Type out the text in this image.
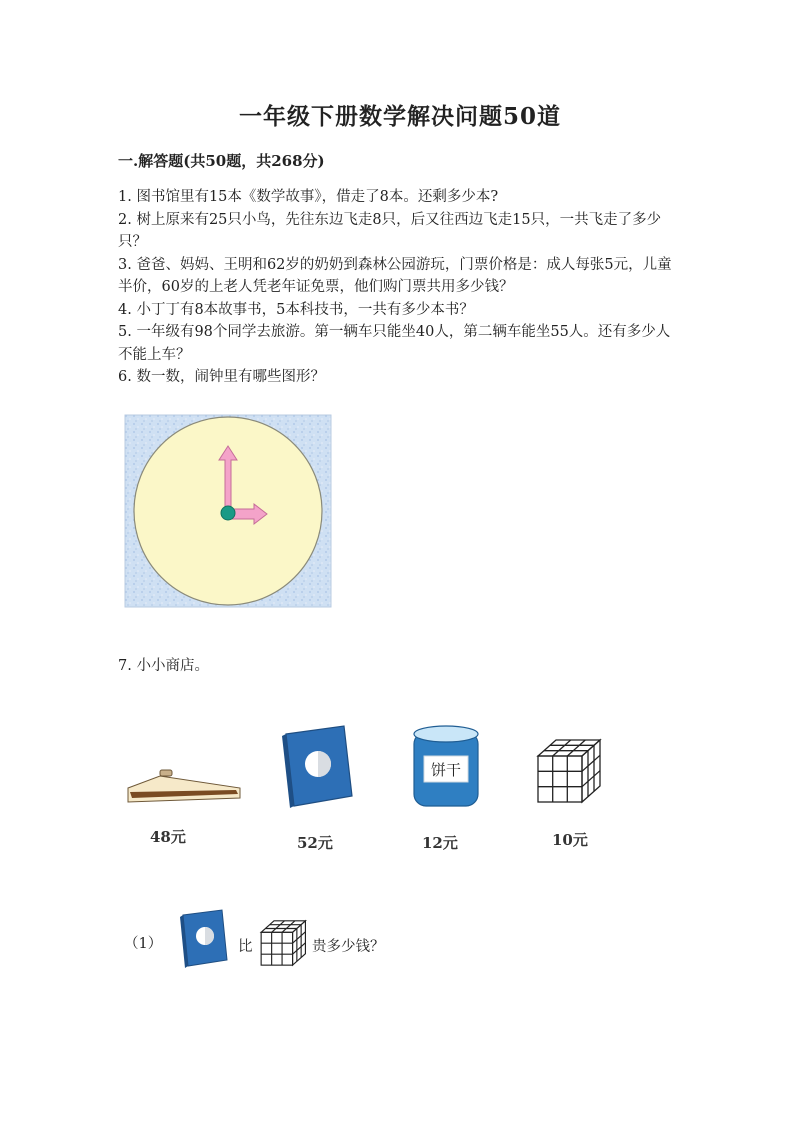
一年级下册数学解决问题50道
一.解答题(共50题，共268分)

1. 图书馆里有15本《数学故事》，借走了8本。还剩多少本?

2. 树上原来有25只小鸟，先往东边飞走8只，后又往西边飞走15只，一共飞走了多少只？

3. 爸爸、妈妈、王明和62岁的奶奶到森林公园游玩，门票价格是：成人每张5元，儿童半价，60岁的上老人凭老年证免票，他们购门票共用多少钱？

4. 小丁丁有8本故事书，5本科技书，一共有多少本书？

5. 一年级有98个同学去旅游。第一辆车只能坐40人，第二辆车能坐55人。还有多少人不能上车？

6. 数一数，闹钟里有哪些图形？

7. 小小商店。
饼干
48元	52元	12元	10元
（1）	比	贵多少钱？
